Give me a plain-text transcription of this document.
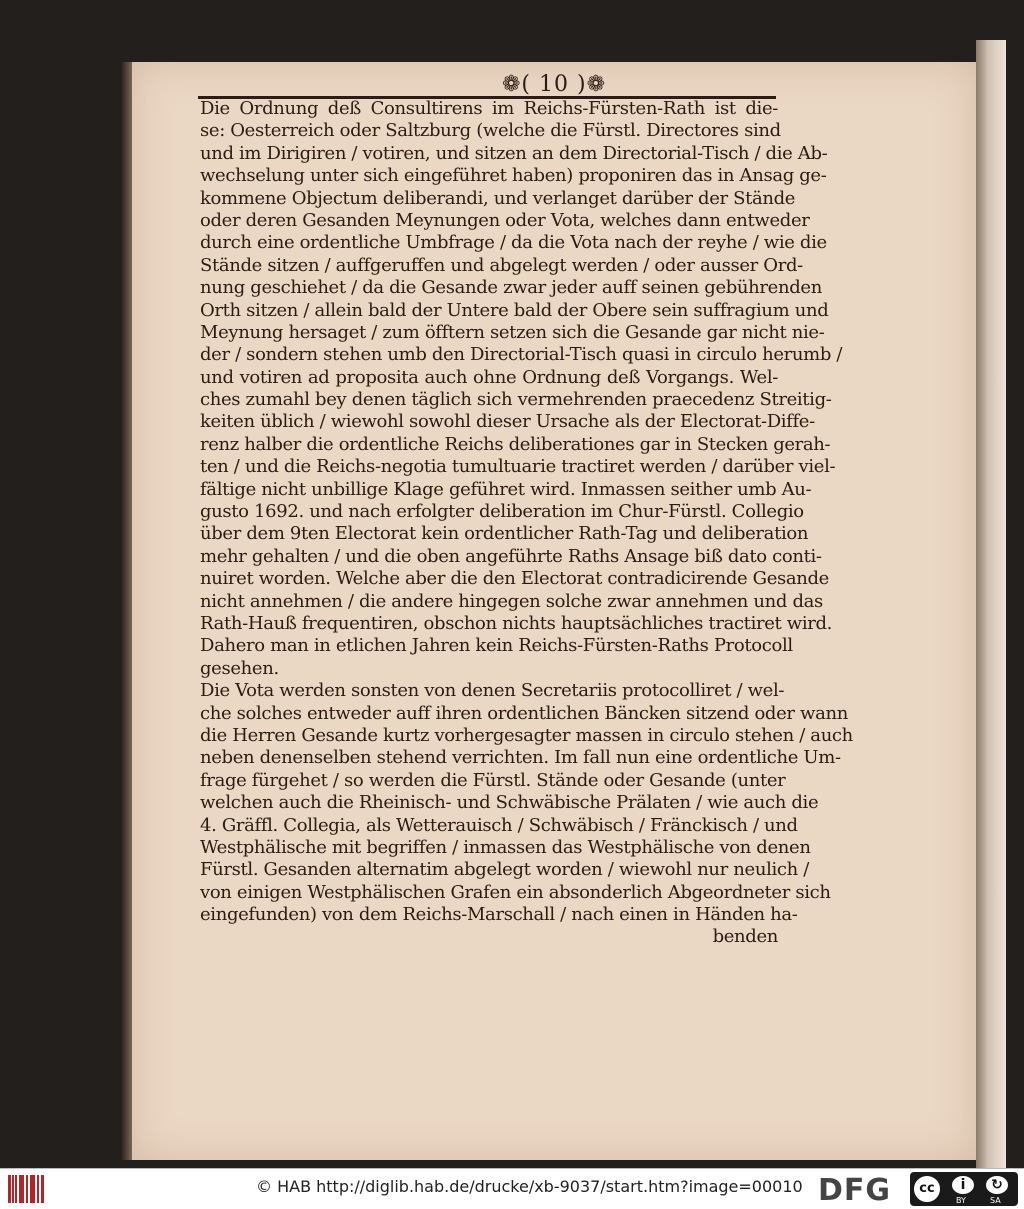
❁( 10 )❁
Die Ordnung deß Consultirens im Reichs-Fürsten-Rath ist die-
se: Oesterreich oder Saltzburg (welche die Fürstl. Directores sind
und im Dirigiren / votiren, und sitzen an dem Directorial-Tisch / die Ab-
wechselung unter sich eingeführet haben) proponiren das in Ansag ge-
kommene Objectum deliberandi, und verlanget darüber der Stände
oder deren Gesanden Meynungen oder Vota, welches dann entweder
durch eine ordentliche Umbfrage / da die Vota nach der reyhe / wie die
Stände sitzen / auffgeruffen und abgelegt werden / oder ausser Ord-
nung geschiehet / da die Gesande zwar jeder auff seinen gebührenden
Orth sitzen / allein bald der Untere bald der Obere sein suffragium und
Meynung hersaget / zum öfftern setzen sich die Gesande gar nicht nie-
der / sondern stehen umb den Directorial-Tisch quasi in circulo herumb /
und votiren ad proposita auch ohne Ordnung deß Vorgangs. Wel-
ches zumahl bey denen täglich sich vermehrenden praecedenz Streitig-
keiten üblich / wiewohl sowohl dieser Ursache als der Electorat-Diffe-
renz halber die ordentliche Reichs deliberationes gar in Stecken gerah-
ten / und die Reichs-negotia tumultuarie tractiret werden / darüber viel-
fältige nicht unbillige Klage geführet wird. Inmassen seither umb Au-
gusto 1692. und nach erfolgter deliberation im Chur-Fürstl. Collegio
über dem 9ten Electorat kein ordentlicher Rath-Tag und deliberation
mehr gehalten / und die oben angeführte Raths Ansage biß dato conti-
nuiret worden. Welche aber die den Electorat contradicirende Gesande
nicht annehmen / die andere hingegen solche zwar annehmen und das
Rath-Hauß frequentiren, obschon nichts hauptsächliches tractiret wird.
Dahero man in etlichen Jahren kein Reichs-Fürsten-Raths Protocoll
gesehen.
Die Vota werden sonsten von denen Secretariis protocolliret / wel-
che solches entweder auff ihren ordentlichen Bäncken sitzend oder wann
die Herren Gesande kurtz vorhergesagter massen in circulo stehen / auch
neben denenselben stehend verrichten. Im fall nun eine ordentliche Um-
frage fürgehet / so werden die Fürstl. Stände oder Gesande (unter
welchen auch die Rheinisch- und Schwäbische Prälaten / wie auch die
4. Gräffl. Collegia, als Wetterauisch / Schwäbisch / Fränckisch / und
Westphälische mit begriffen / inmassen das Westphälische von denen
Fürstl. Gesanden alternatim abgelegt worden / wiewohl nur neulich /
von einigen Westphälischen Grafen ein absonderlich Abgeordneter sich
eingefunden) von dem Reichs-Marschall / nach einen in Händen ha-
benden
© HAB http://diglib.hab.de/drucke/xb-9037/start.htm?image=00010 DFG	cc	i	↻
BY	SA
